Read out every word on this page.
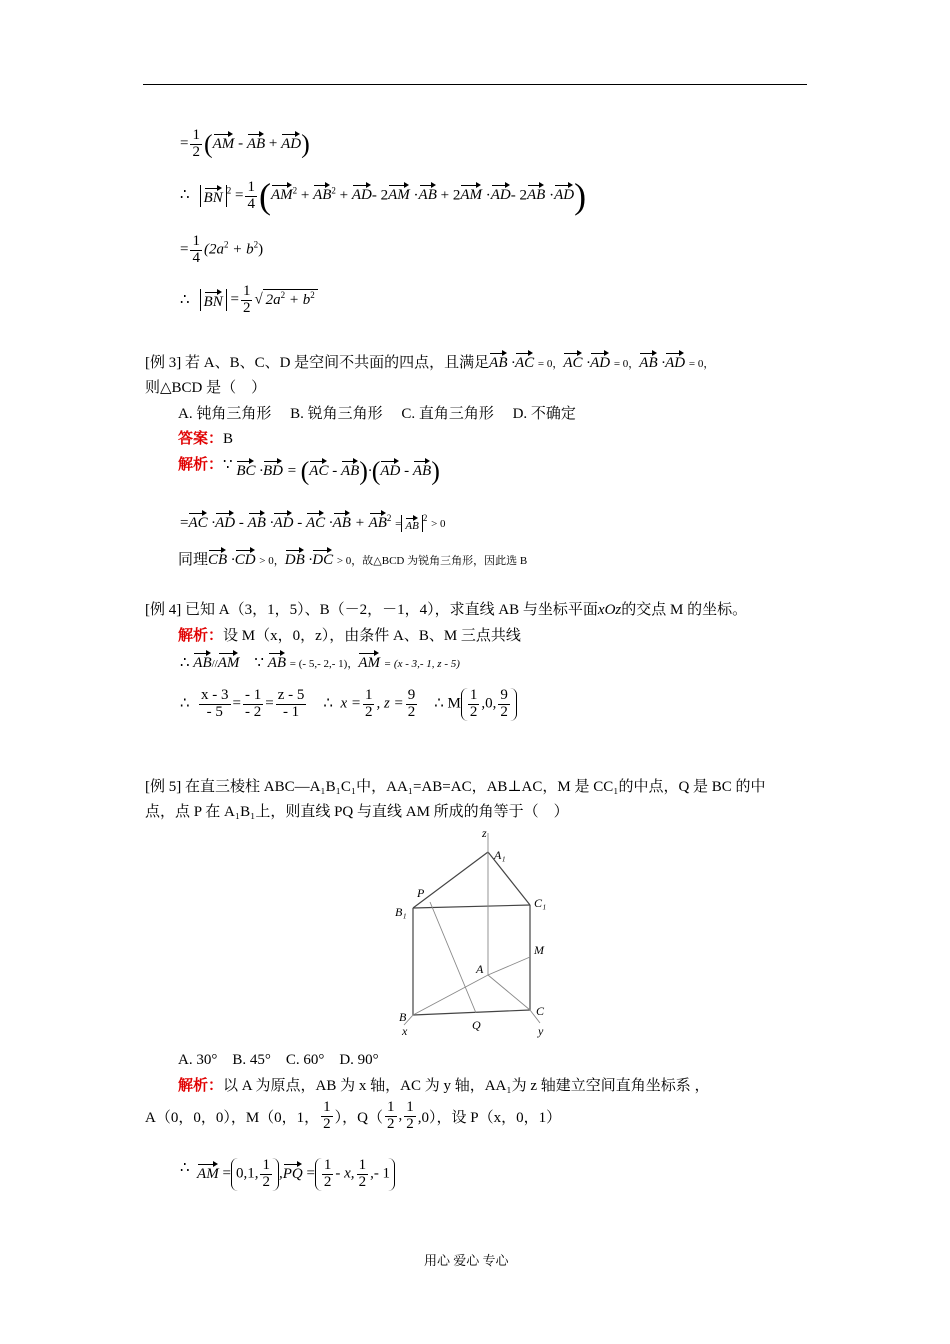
= $\frac{1}{2} (AM$ - AB + AD)
∴ BN $^2 = \frac{1}{4} (AM^2 + AB^2 + AD-$ 2AM ·AB + 2AM ·AD- 2AB ·AD)
= $\frac{1}{4} (2a^2 + b^2)$
∴ BN = $\frac{1}{2}$ √ $2a^2 + b^2$
[例 3] 若 A、B、C、D 是空间不共面的四点，且满足AB ·AC = 0，AC ·AD = 0，AB ·AD = 0，
则△BCD 是（　）
A. 钝角三角形　 B. 锐角三角形　 C. 直角三角形　 D. 不确定
答案：B
解析：∵ BC ·BD = (AC - AB)·(AD - AB)
=AC ·AD - AB ·AD - AC $\cdot AB + AB^2 = AB^2 > 0$
同理CB ·CD > 0，DB ·DC > 0，故△BCD 为锐角三角形，因此选 B
[例 4] 已知 A（3，1，5）、B（－2，－1，4），求直线 AB 与坐标平面xOz的交点 M 的坐标。
解析：设 M（x，0，z），由条件 A、B、M 三点共线
∴ AB//AM ∵ AB = (- 5,- 2,- 1)，AM = (x - 3,- 1, z - 5)
∴ $\frac{x - 3}{- 5} = \frac{- 1}{- 2} = \frac{z - 5}{- 1}$ ∴ $x = \frac{1}{2}$ , $z = \frac{9}{2}$ ∴ M $\frac{1}{2} ,0$, $\frac{9}{2}$
[例 5] 在直三棱柱 ABC—A₁B₁C₁中，AA₁=AB=AC，AB⊥AC，M 是 CC₁的中点，Q 是 BC 的中
点，点 P 在 A₁B₁上，则直线 PQ 与直线 AM 所成的角等于（　）
z
A₁
P
B₁
C₁
M
A
B	C
Q
x	y
A. 30°　B. 45°　C. 60°　D. 90°
解析：以 A 为原点，AB 为 x 轴，AC 为 y 轴，AA₁为 z 轴建立空间直角坐标系 ，
A（0，0，0），M（0，1， $\frac{1}{2}$ ），$Q( \frac{1}{2}$ , $\frac{1}{2} ,0$），设 P（x，0，1）
∴ AM = 0,1, $\frac{1}{2} ,PQ = \frac{1}{2} - x$, $\frac{1}{2}$ ,- 1
用心 爱心 专心
